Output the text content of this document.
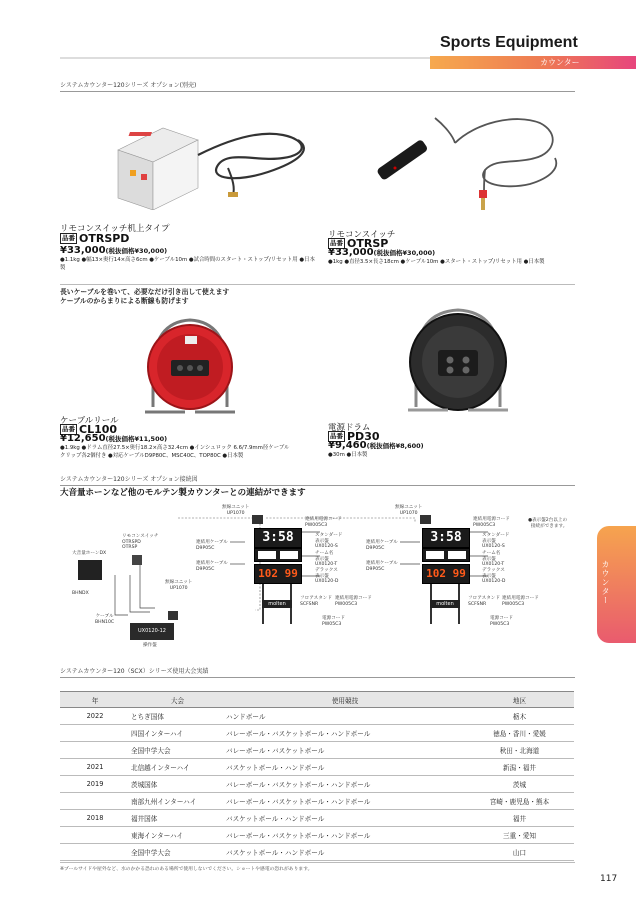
Sports Equipment
カウンター
システムカウンター120シリーズ オプション(別売)
リモコンスイッチ机上タイプ
品番 OTRSPD
¥33,000(税抜価格¥30,000)
●1.1kg ●幅13×奥行14×高さ6cm ●ケーブル10m ●試合時間のスタート・ストップ/リセット用 ●日本製
リモコンスイッチ
品番 OTRSP
¥33,000(税抜価格¥30,000)
●1kg ●直径3.5×長さ18cm ●ケーブル10m ●スタート・ストップ/リセット用 ●日本製
長いケーブルを巻いて、必要なだけ引き出して使えます
ケーブルのからまりによる断線も防げます
ケーブルリール
品番 CL100
¥12,650(税抜価格¥11,500)
●1.9kg ●ドラム直径27.5×奥行18.2×高さ32.4cm ●インシュロック 6.6/7.9mm径ケーブル
クリップ各2個付き ●対応ケーブルD9P80C、MSC40C、TOP80C ●日本製
電源ドラム
品番 PD30
¥9,460(税抜価格¥8,600)
●30m ●日本製
システムカウンター120シリーズ オプション接続図
大音量ホーンなど他のモルテン製カウンターとの連結ができます
無線ユニット
UP1070
無線ユニット
UP1070
リモコンスイッチ
OTRSPD
OTRSP
大音量ホーンDX
BHNDX
ケーブル
BHN10C
無線ユニット
UP1070
UX0120-12
操作盤
連結用ケーブル
D9P05C
連結用ケーブル
D9P05C
3:58
102 99
molten
連結用電源コード
PW005C3
スタンダード
表示盤
UX0120-S
チーム名
表示盤
UX0120-T
デラックス
表示盤
UX0120-D
フロアスタンド
SCFSNR
連結用電源コード
PW005C3
電源コード
PW05C3
連結用ケーブル
D9P05C
連結用ケーブル
D9P05C
3:58
102 99
molten
連結用電源コード
PW005C3
スタンダード
表示盤
UX0120-S
チーム名
表示盤
UX0120-T
デラックス
表示盤
UX0120-D
フロアスタンド
SCFSNR
連結用電源コード
PW005C3
電源コード
PW05C3
●表示盤2台以上の
接続ができます。
システムカウンター120（SCX）シリーズ使用大会実績
年	大会	使用競技	地区
2022	とちぎ国体	ハンドボール	栃木
	四国インターハイ	バレーボール・バスケットボール・ハンドボール	徳島・香川・愛媛
	全国中学大会	バレーボール・バスケットボール	秋田・北海道
2021	北信越インターハイ	バスケットボール・ハンドボール	新潟・福井
2019	茨城国体	バレーボール・バスケットボール・ハンドボール	茨城
	南部九州インターハイ	バレーボール・バスケットボール・ハンドボール	宮崎・鹿児島・熊本
2018	福井国体	バスケットボール・ハンドボール	福井
	東海インターハイ	バレーボール・バスケットボール・ハンドボール	三重・愛知
	全国中学大会	バスケットボール・ハンドボール	山口
※プールサイドや屋外など、水のかかる恐れのある場所で使用しないでください。ショートや感電の恐れがあります。
117
カウンター
